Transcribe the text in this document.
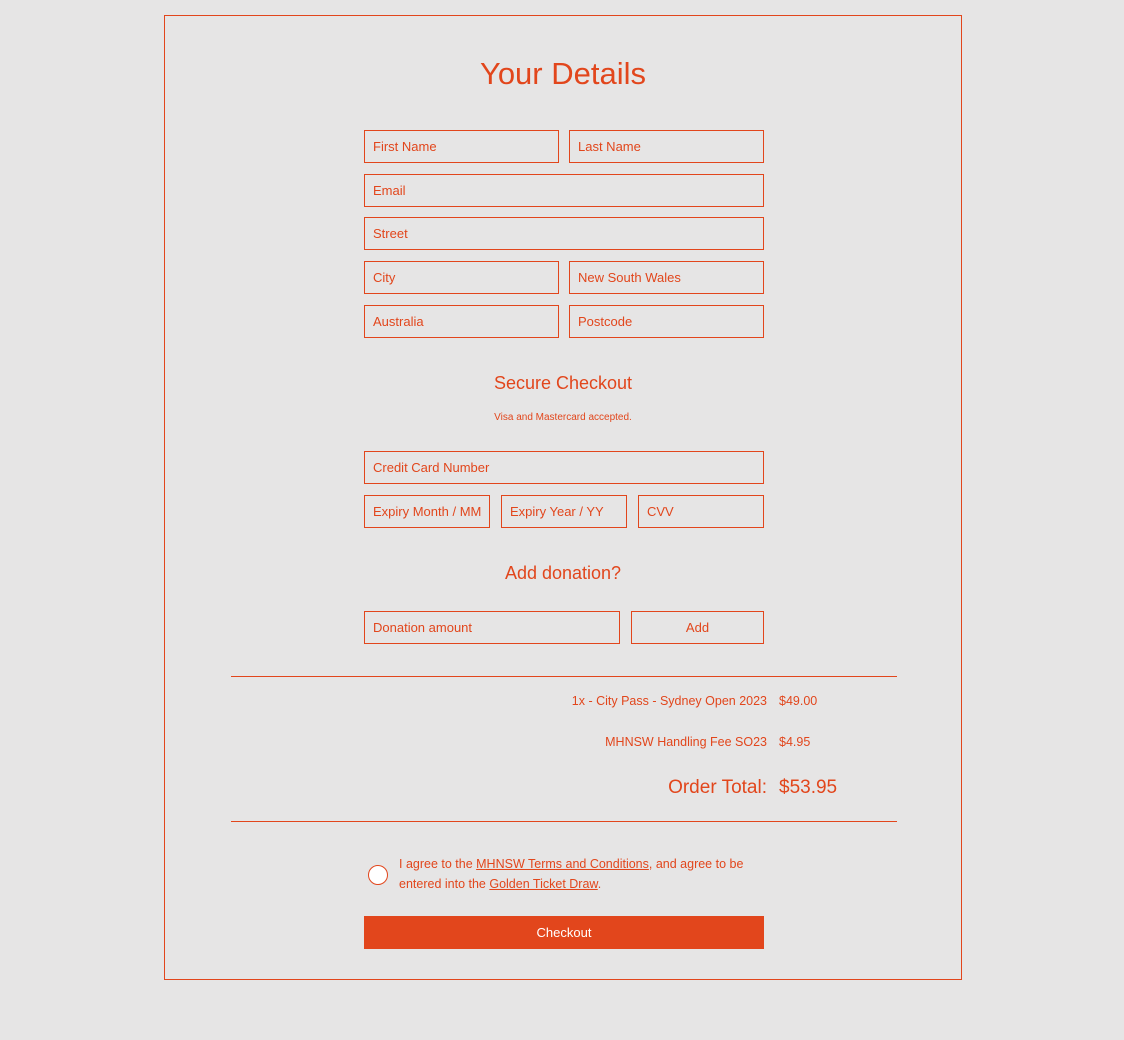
Your Details
First Name
Last Name
Email
Street
City
New South Wales
Australia
Postcode
Secure Checkout
Visa and Mastercard accepted.
Credit Card Number
Expiry Month / MM
Expiry Year / YY
CVV
Add donation?
Donation amount
Add
1x - City Pass - Sydney Open 2023 $49.00
MHNSW Handling Fee SO23 $4.95
Order Total: $53.95
I agree to the MHNSW Terms and Conditions, and agree to be entered into the Golden Ticket Draw.
Checkout
